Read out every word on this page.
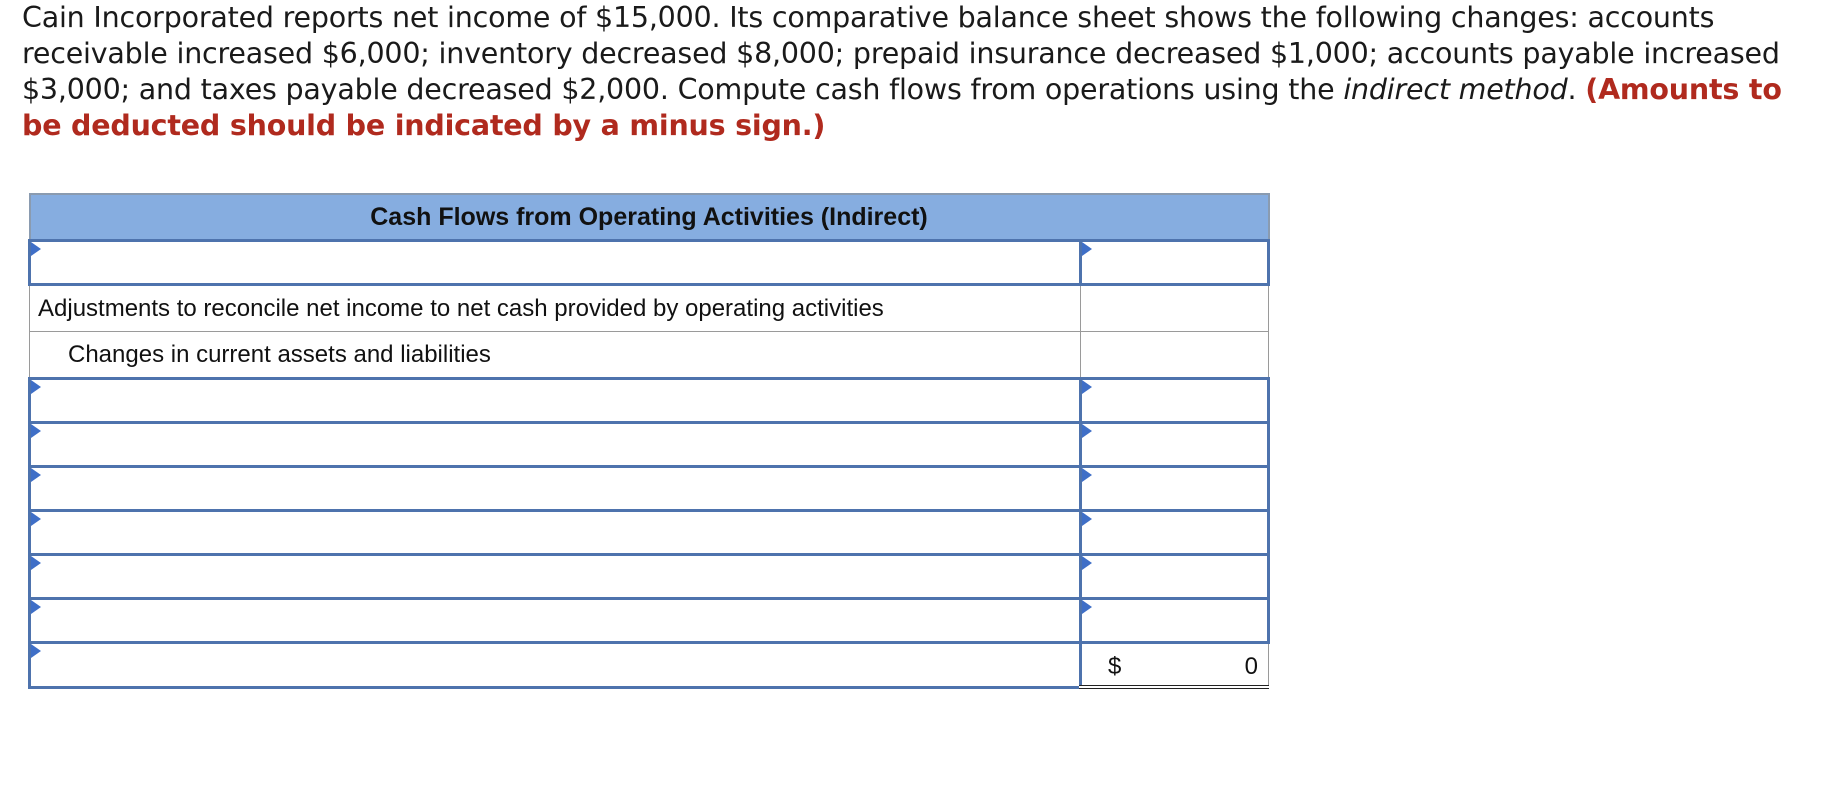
Cain Incorporated reports net income of $15,000. Its comparative balance sheet shows the following changes: accounts receivable increased $6,000; inventory decreased $8,000; prepaid insurance decreased $1,000; accounts payable increased $3,000; and taxes payable decreased $2,000. Compute cash flows from operations using the indirect method. (Amounts to be deducted should be indicated by a minus sign.)
Cash Flows from Operating Activities (Indirect)	

Adjustments to reconcile net income to net cash provided by operating activities	
Changes in current assets and liabilities	

	$ 0
